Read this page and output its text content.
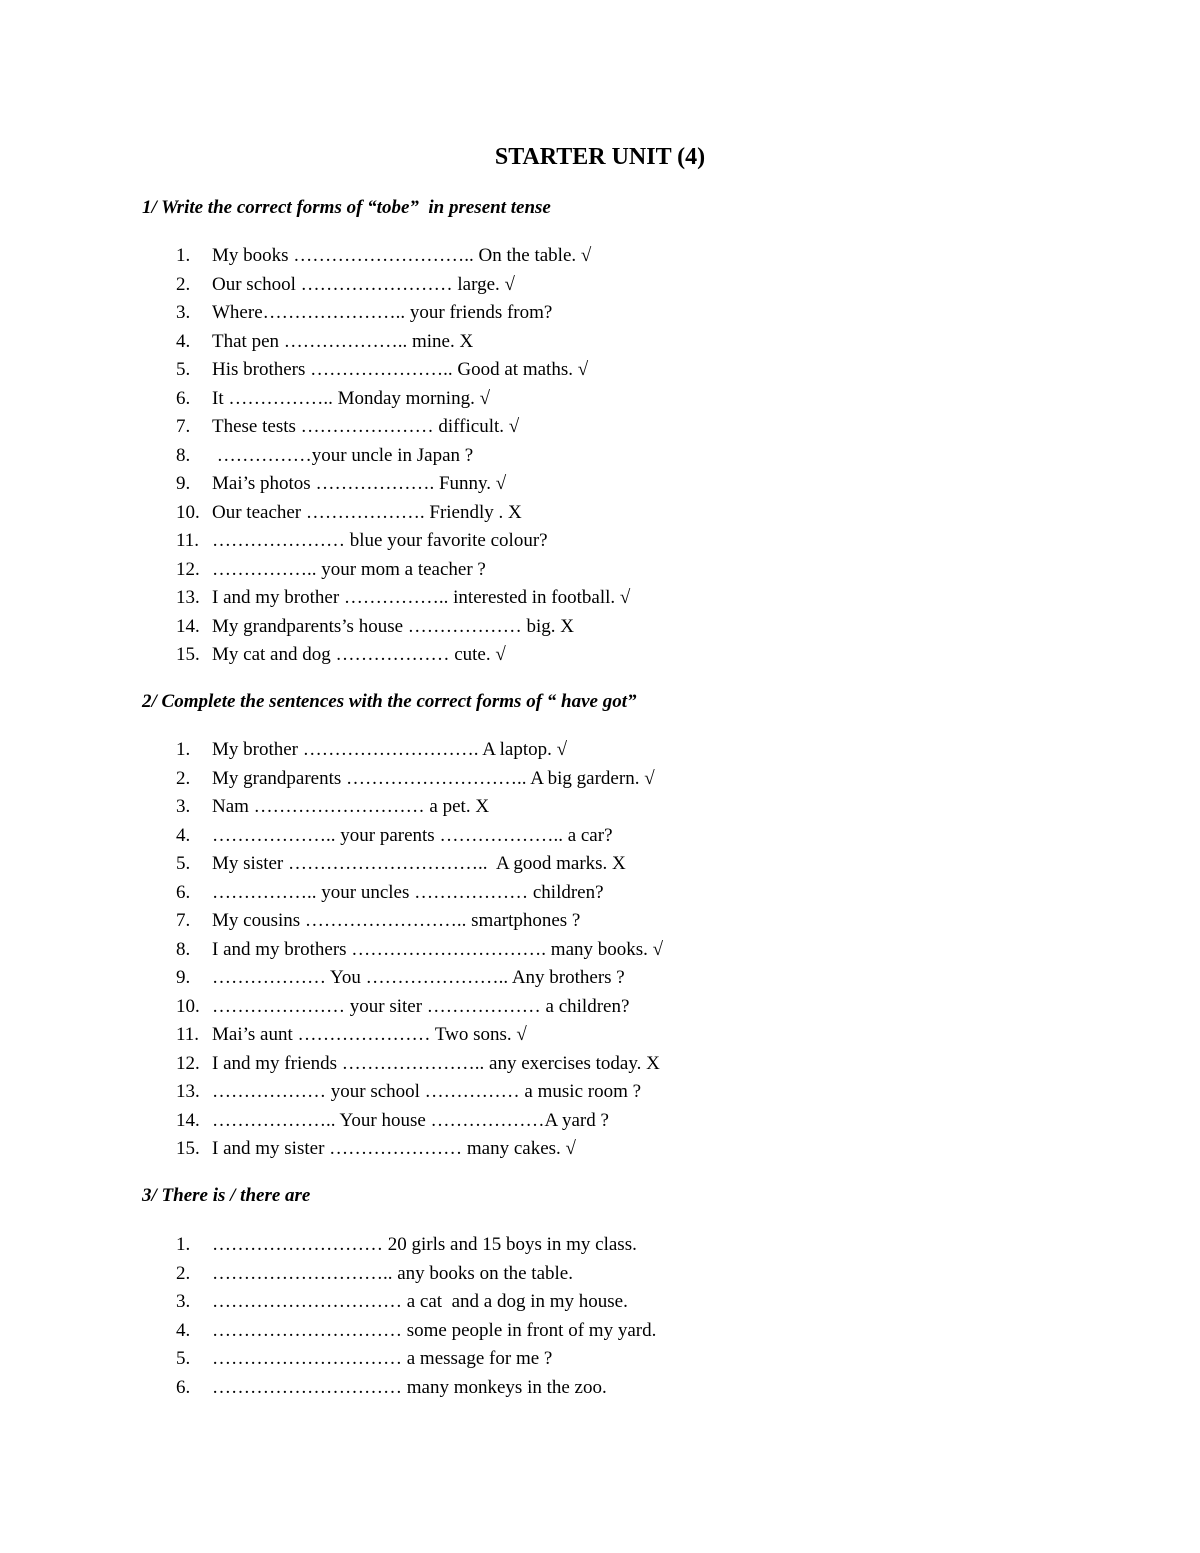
STARTER UNIT (4)
1/ Write the correct forms of “tobe”  in present tense
1. My books ……………………….. On the table. √
2. Our school …………………… large. √
3. Where………………….. your friends from?
4. That pen ……………….. mine. X
5. His brothers ………………….. Good at maths. √
6. It …………….. Monday morning. √
7. These tests ………………… difficult. √
8. ……………your uncle in Japan ?
9. Mai’s photos ………………. Funny. √
10. Our teacher ………………. Friendly . X
11. ………………… blue your favorite colour?
12. …………….. your mom a teacher ?
13. I and my brother …………….. interested in football. √
14. My grandparents’s house ……………… big. X
15. My cat and dog ……………… cute. √
2/ Complete the sentences with the correct forms of “ have got”
1. My brother ………………………. A laptop. √
2. My grandparents ……………………….. A big gardern. √
3. Nam ……………………… a pet. X
4. ……………….. your parents ……………….. a car?
5. My sister …………………………..  A good marks. X
6. …………….. your uncles ……………… children?
7. My cousins …………………….. smartphones ?
8. I and my brothers …………………………. many books. √
9. ……………… You ………………….. Any brothers ?
10. ………………… your siter ……………… a children?
11. Mai’s aunt ………………… Two sons. √
12. I and my friends ………………….. any exercises today. X
13. ……………… your school …………… a music room ?
14. ……………….. Your house ………………A yard ?
15. I and my sister ………………… many cakes. √
3/ There is / there are
1. ……………………… 20 girls and 15 boys in my class.
2. ……………………….. any books on the table.
3. ………………………… a cat  and a dog in my house.
4. ………………………… some people in front of my yard.
5. ………………………… a message for me ?
6. ………………………… many monkeys in the zoo.
